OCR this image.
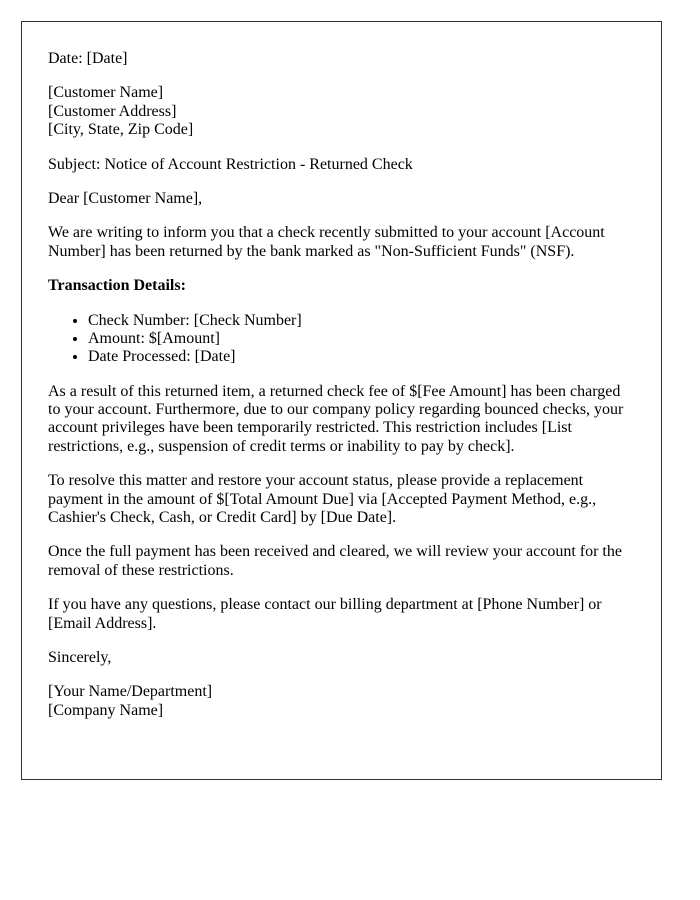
Date: [Date]

[Customer Name]
[Customer Address]
[City, State, Zip Code]

Subject: Notice of Account Restriction - Returned Check

Dear [Customer Name],

We are writing to inform you that a check recently submitted to your account [Account Number] has been returned by the bank marked as "Non-Sufficient Funds" (NSF).

Transaction Details:

• Check Number: [Check Number]
• Amount: $[Amount]
• Date Processed: [Date]

As a result of this returned item, a returned check fee of $[Fee Amount] has been charged to your account. Furthermore, due to our company policy regarding bounced checks, your account privileges have been temporarily restricted. This restriction includes [List restrictions, e.g., suspension of credit terms or inability to pay by check].

To resolve this matter and restore your account status, please provide a replacement payment in the amount of $[Total Amount Due] via [Accepted Payment Method, e.g., Cashier's Check, Cash, or Credit Card] by [Due Date].

Once the full payment has been received and cleared, we will review your account for the removal of these restrictions.

If you have any questions, please contact our billing department at [Phone Number] or [Email Address].

Sincerely,

[Your Name/Department]
[Company Name]
